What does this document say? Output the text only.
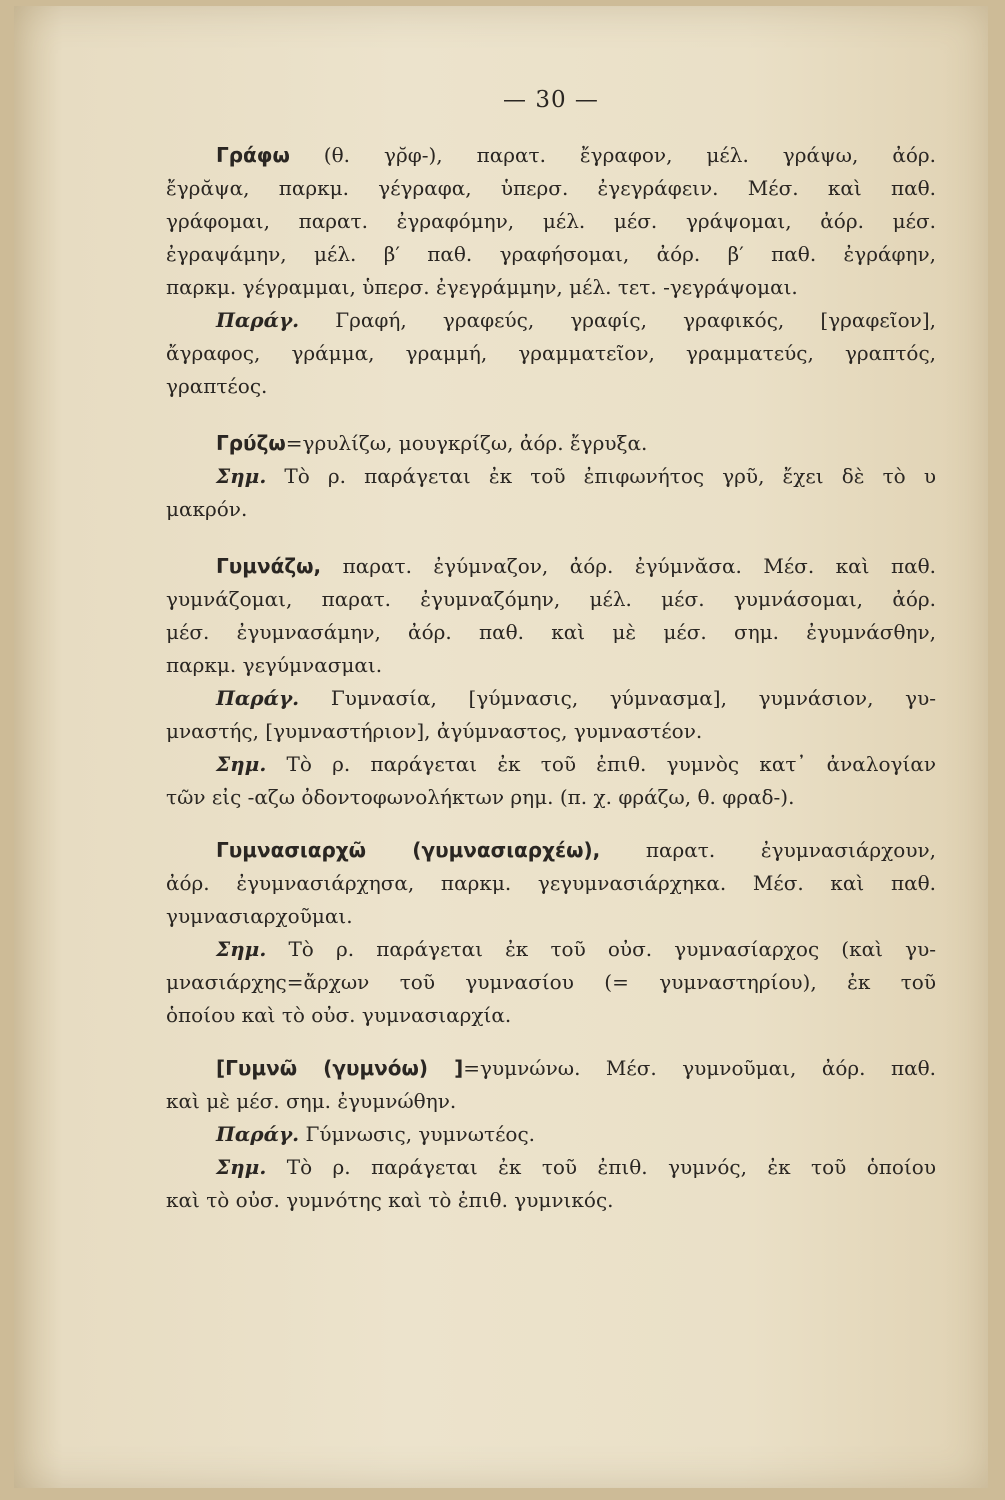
— 30 —
Γράφω (θ. γρ̆φ-), παρατ. ἔγραφον, μέλ. γράψω, ἀόρ.
ἔγρᾰψα, παρκμ. γέγραφα, ὑπερσ. ἐγεγράφειν. Μέσ. καὶ παθ.
γράφομαι, παρατ. ἐγραφόμην, μέλ. μέσ. γράψομαι, ἀόρ. μέσ.
ἐγραψάμην, μέλ. β′ παθ. γραφήσομαι, ἀόρ. β′ παθ. ἐγράφην,
παρκμ. γέγραμμαι, ὑπερσ. ἐγεγράμμην, μέλ. τετ. -γεγράψομαι.
Παράγ. Γραφή, γραφεύς, γραφίς, γραφικός, [γραφεῖον],
ἄγραφος, γράμμα, γραμμή, γραμματεῖον, γραμματεύς, γραπτός,
γραπτέος.
Γρύζω=γρυλίζω, μουγκρίζω, ἀόρ. ἔγρυξα.
Σημ. Τὸ ρ. παράγεται ἐκ τοῦ ἐπιφωνήτος γρῦ, ἔχει δὲ τὸ υ
μακρόν.
Γυμνάζω, παρατ. ἐγύμναζον, ἀόρ. ἐγύμνᾰσα. Μέσ. καὶ παθ.
γυμνάζομαι, παρατ. ἐγυμναζόμην, μέλ. μέσ. γυμνάσομαι, ἀόρ.
μέσ. ἐγυμνασάμην, ἀόρ. παθ. καὶ μὲ μέσ. σημ. ἐγυμνάσθην,
παρκμ. γεγύμνασμαι.
Παράγ. Γυμνασία, [γύμνασις, γύμνασμα], γυμνάσιον, γυ-
μναστής, [γυμναστήριον], ἀγύμναστος, γυμναστέον.
Σημ. Τὸ ρ. παράγεται ἐκ τοῦ ἐπιθ. γυμνὸς κατ᾽ ἀναλογίαν
τῶν εἰς -αζω ὀδοντοφωνολήκτων ρημ. (π. χ. φράζω, θ. φραδ-).
Γυμνασιαρχῶ (γυμνασιαρχέω), παρατ. ἐγυμνασιάρχουν,
ἀόρ. ἐγυμνασιάρχησα, παρκμ. γεγυμνασιάρχηκα. Μέσ. καὶ παθ.
γυμνασιαρχοῦμαι.
Σημ. Τὸ ρ. παράγεται ἐκ τοῦ οὐσ. γυμνασίαρχος (καὶ γυ-
μνασιάρχης=ἄρχων τοῦ γυμνασίου (= γυμναστηρίου), ἐκ τοῦ
ὁποίου καὶ τὸ οὐσ. γυμνασιαρχία.
[Γυμνῶ (γυμνόω) ]=γυμνώνω. Μέσ. γυμνοῦμαι, ἀόρ. παθ.
καὶ μὲ μέσ. σημ. ἐγυμνώθην.
Παράγ. Γύμνωσις, γυμνωτέος.
Σημ. Τὸ ρ. παράγεται ἐκ τοῦ ἐπιθ. γυμνός, ἐκ τοῦ ὁποίου
καὶ τὸ οὐσ. γυμνότης καὶ τὸ ἐπιθ. γυμνικός.
